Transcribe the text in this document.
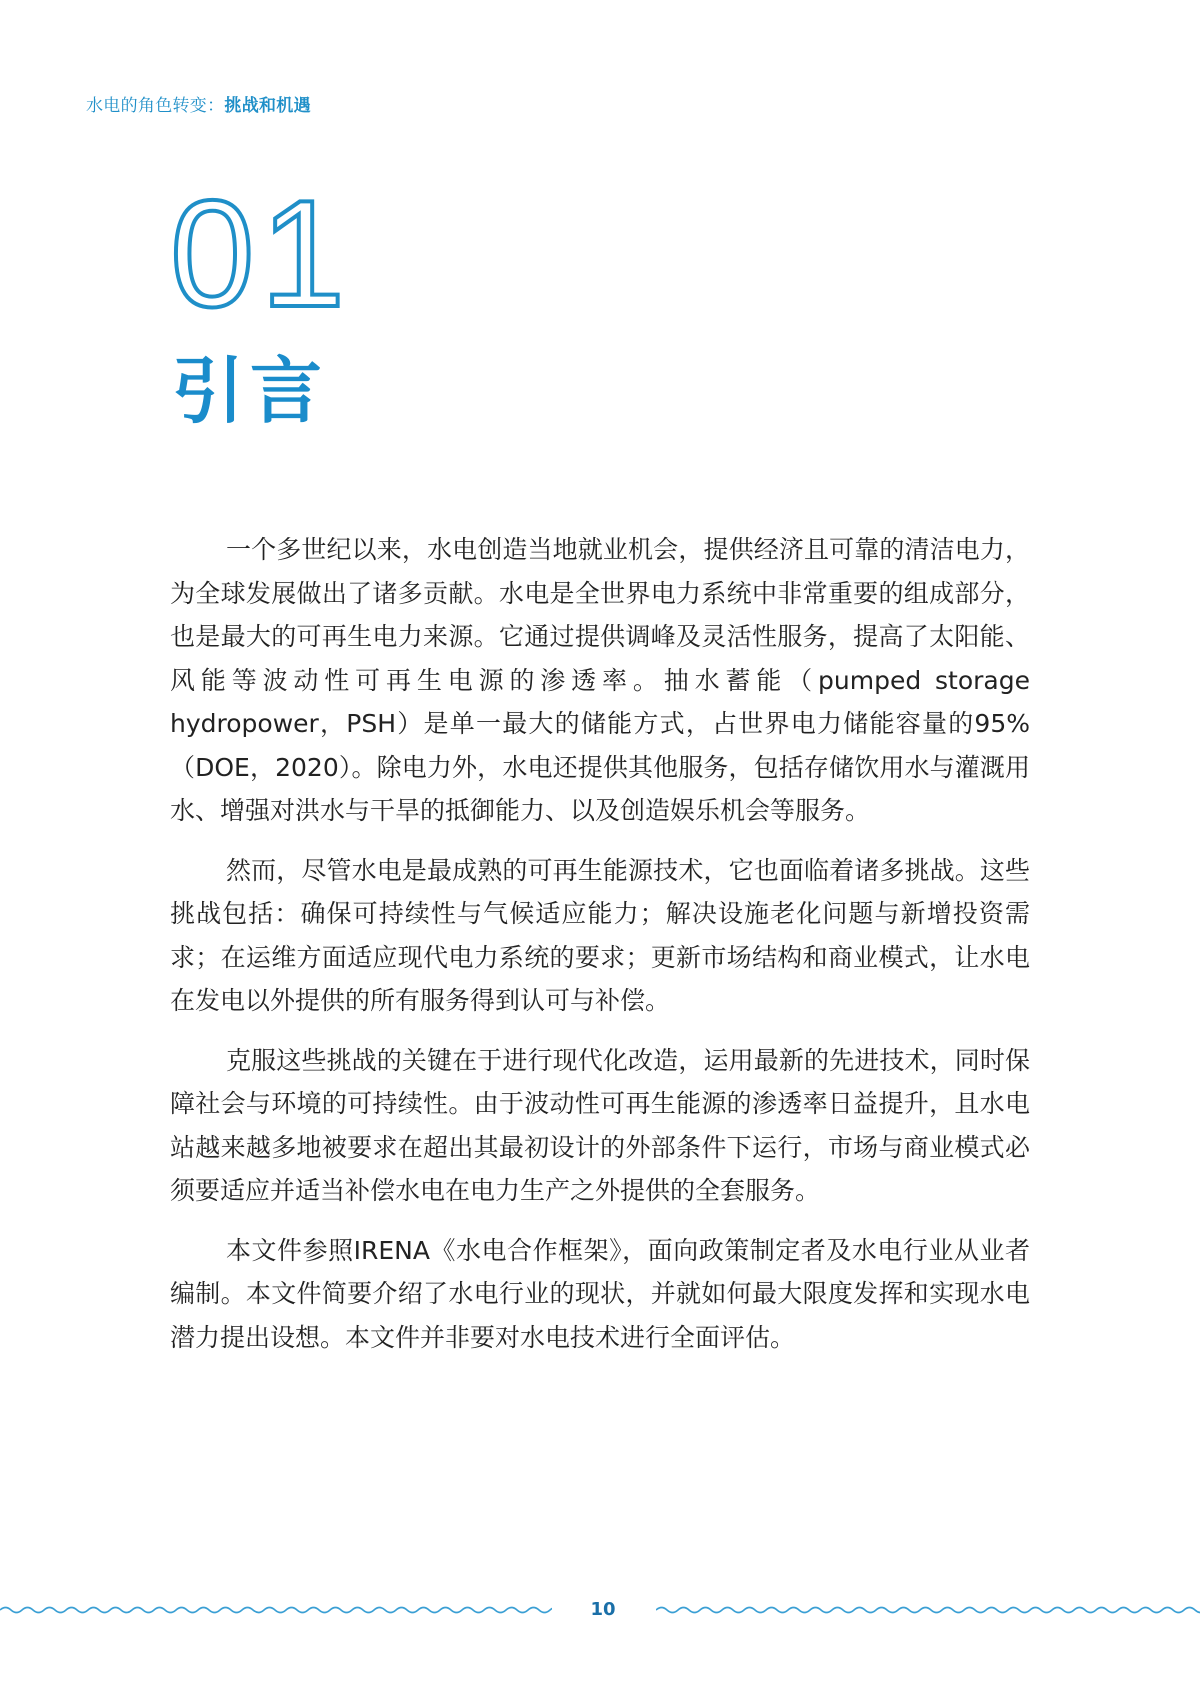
水电的角色转变：挑战和机遇
01
引言

一个多世纪以来，水电创造当地就业机会，提供经济且可靠的清洁电力，为全球发展做出了诸多贡献。水电是全世界电力系统中非常重要的组成部分，也是最大的可再生电力来源。它通过提供调峰及灵活性服务，提高了太阳能、风能等波动性可再生电源的渗透率。抽水蓄能（pumped storage hydropower，PSH）是单一最大的储能方式，占世界电力储能容量的95%（DOE，2020）。除电力外，水电还提供其他服务，包括存储饮用水与灌溉用水、增强对洪水与干旱的抵御能力、以及创造娱乐机会等服务。

然而，尽管水电是最成熟的可再生能源技术，它也面临着诸多挑战。这些挑战包括：确保可持续性与气候适应能力；解决设施老化问题与新增投资需求；在运维方面适应现代电力系统的要求；更新市场结构和商业模式，让水电在发电以外提供的所有服务得到认可与补偿。

克服这些挑战的关键在于进行现代化改造，运用最新的先进技术，同时保障社会与环境的可持续性。由于波动性可再生能源的渗透率日益提升，且水电站越来越多地被要求在超出其最初设计的外部条件下运行，市场与商业模式必须要适应并适当补偿水电在电力生产之外提供的全套服务。

本文件参照IRENA《水电合作框架》，面向政策制定者及水电行业从业者编制。本文件简要介绍了水电行业的现状，并就如何最大限度发挥和实现水电潜力提出设想。本文件并非要对水电技术进行全面评估。

10
